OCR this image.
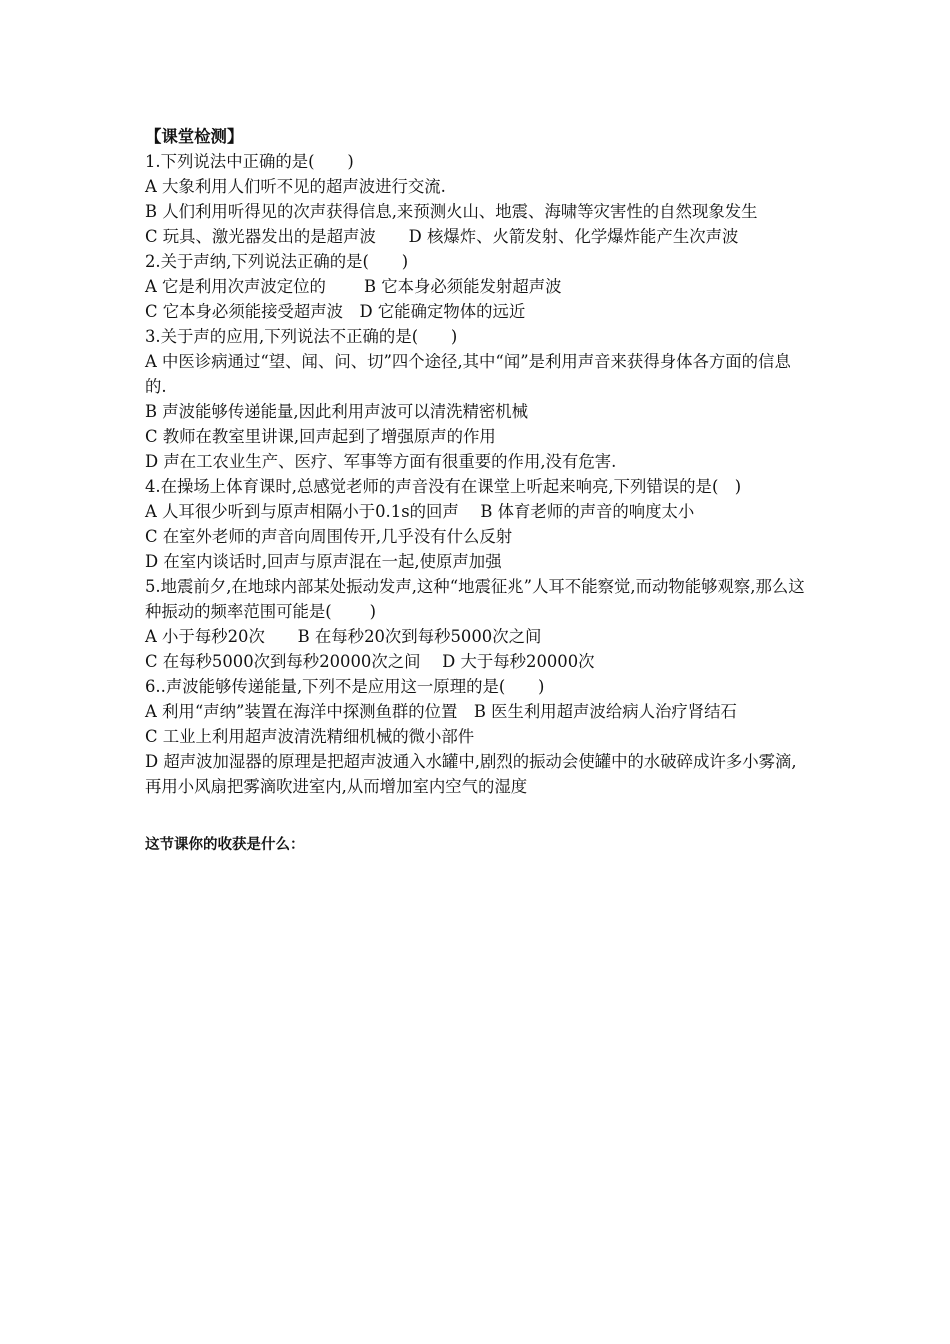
【课堂检测】
1.下列说法中正确的是(　　)
A 大象利用人们听不见的超声波进行交流.
B 人们利用听得见的次声获得信息,来预测火山、地震、海啸等灾害性的自然现象发生
C 玩具、激光器发出的是超声波　　D 核爆炸、火箭发射、化学爆炸能产生次声波
2.关于声纳,下列说法正确的是(　　)
A 它是利用次声波定位的　　 B 它本身必须能发射超声波
C 它本身必须能接受超声波　D 它能确定物体的远近
3.关于声的应用,下列说法不正确的是(　　)
A 中医诊病通过“望、闻、问、切”四个途径,其中“闻”是利用声音来获得身体各方面的信息的.
B 声波能够传递能量,因此利用声波可以清洗精密机械
C 教师在教室里讲课,回声起到了增强原声的作用
D 声在工农业生产、医疗、军事等方面有很重要的作用,没有危害.
4.在操场上体育课时,总感觉老师的声音没有在课堂上听起来响亮,下列错误的是(　)
A 人耳很少听到与原声相隔小于0.1s的回声　 B 体育老师的声音的响度太小
C 在室外老师的声音向周围传开,几乎没有什么反射
D 在室内谈话时,回声与原声混在一起,使原声加强
5.地震前夕,在地球内部某处振动发声,这种“地震征兆”人耳不能察觉,而动物能够观察,那么这种振动的频率范围可能是(　　 )
A 小于每秒20次　　B 在每秒20次到每秒5000次之间
C 在每秒5000次到每秒20000次之间　 D 大于每秒20000次
6..声波能够传递能量,下列不是应用这一原理的是(　　)
A 利用“声纳”装置在海洋中探测鱼群的位置　B 医生利用超声波给病人治疗肾结石
C 工业上利用超声波清洗精细机械的微小部件
D 超声波加湿器的原理是把超声波通入水罐中,剧烈的振动会使罐中的水破碎成许多小雾滴,再用小风扇把雾滴吹进室内,从而增加室内空气的湿度
这节课你的收获是什么：
